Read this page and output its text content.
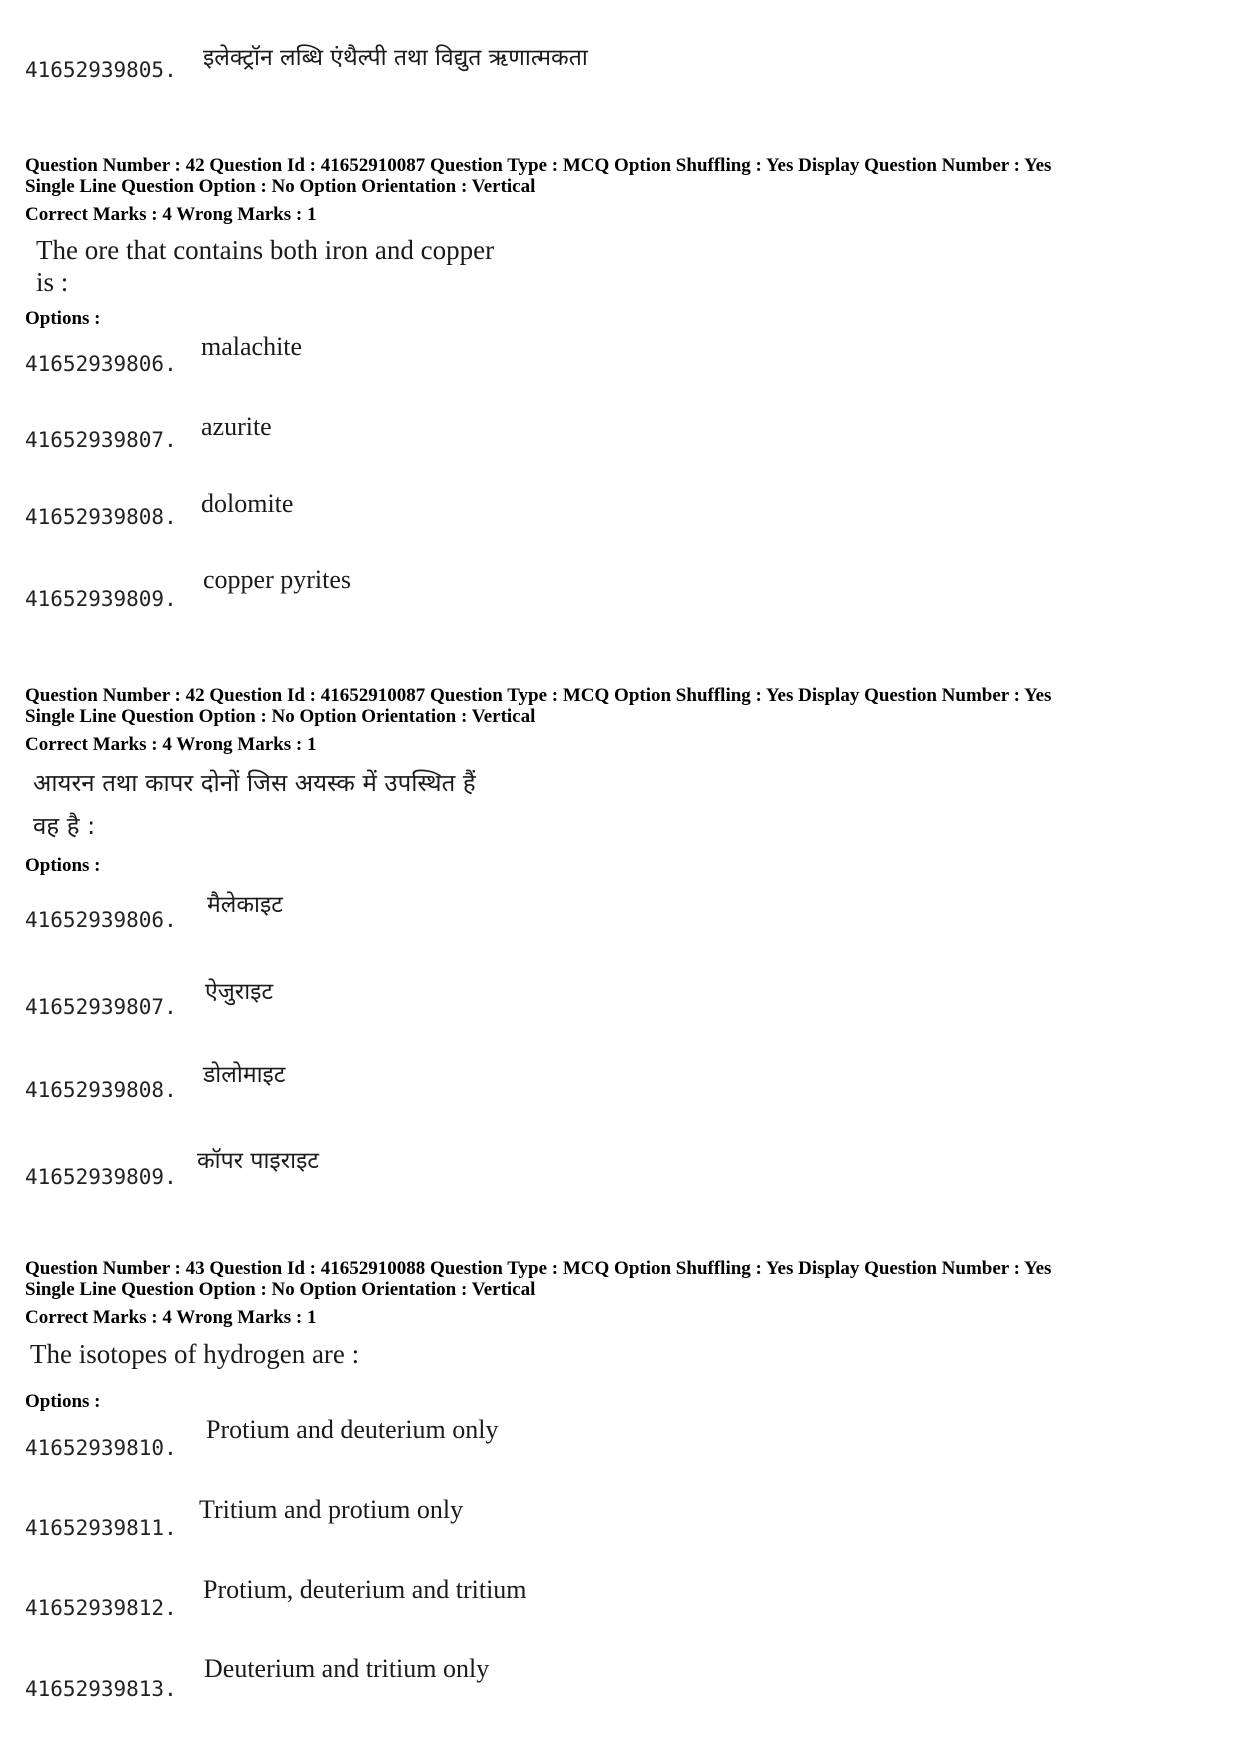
41652939805. इलेक्ट्रॉन लब्धि एंथैल्पी तथा विद्युत ऋणात्मकता
Question Number : 42 Question Id : 41652910087 Question Type : MCQ Option Shuffling : Yes Display Question Number : Yes
Single Line Question Option : No Option Orientation : Vertical
Correct Marks : 4 Wrong Marks : 1
The ore that contains both iron and copper
is :
Options :
41652939806.
malachite
41652939807. azurite
41652939808. dolomite
41652939809.
copper pyrites
Question Number : 42 Question Id : 41652910087 Question Type : MCQ Option Shuffling : Yes Display Question Number : Yes
Single Line Question Option : No Option Orientation : Vertical
Correct Marks : 4 Wrong Marks : 1
आयरन तथा कापर दोनों जिस अयस्क में उपस्थित हैं
वह है :
Options :
41652939806.
मैलेकाइट
41652939807.
ऐजुराइट
41652939808.
डोलोमाइट
41652939809.
कॉपर पाइराइट
Question Number : 43 Question Id : 41652910088 Question Type : MCQ Option Shuffling : Yes Display Question Number : Yes
Single Line Question Option : No Option Orientation : Vertical
Correct Marks : 4 Wrong Marks : 1
The isotopes of hydrogen are :
Options :
41652939810.
Protium and deuterium only
41652939811.
Tritium and protium only
41652939812.
Protium, deuterium and tritium
41652939813.
Deuterium and tritium only
